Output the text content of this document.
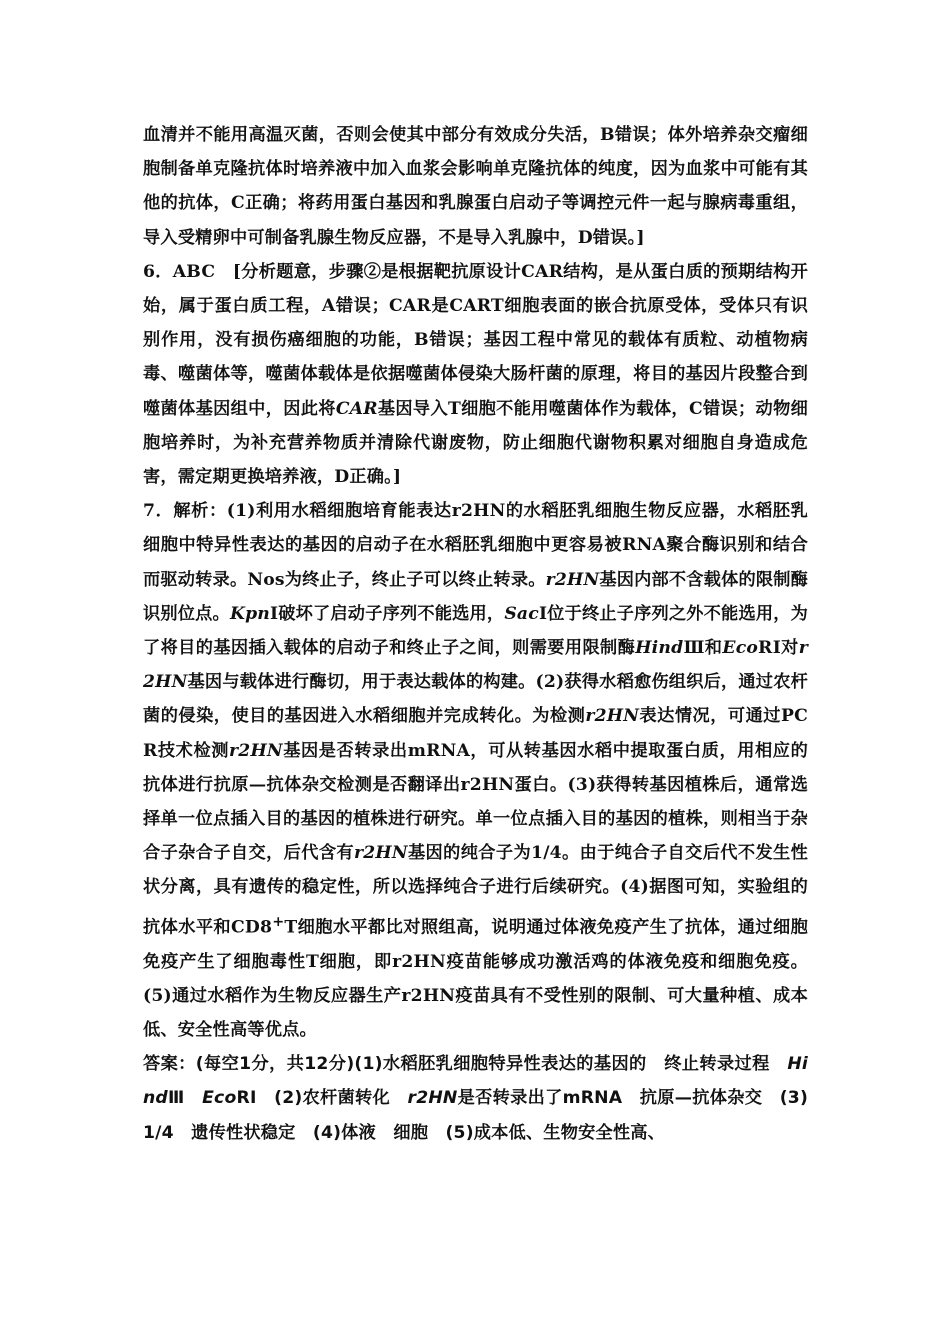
血清并不能用高温灭菌，否则会使其中部分有效成分失活，B错误；体外培养杂交瘤细胞制备单克隆抗体时培养液中加入血浆会影响单克隆抗体的纯度，因为血浆中可能有其他的抗体，C正确；将药用蛋白基因和乳腺蛋白启动子等调控元件一起与腺病毒重组，导入受精卵中可制备乳腺生物反应器，不是导入乳腺中，D错误。]

6．ABC　[分析题意，步骤②是根据靶抗原设计CAR结构，是从蛋白质的预期结构开始，属于蛋白质工程，A错误；CAR是CART细胞表面的嵌合抗原受体，受体只有识别作用，没有损伤癌细胞的功能，B错误；基因工程中常见的载体有质粒、动植物病毒、噬菌体等，噬菌体载体是依据噬菌体侵染大肠杆菌的原理，将目的基因片段整合到噬菌体基因组中，因此将CAR基因导入T细胞不能用噬菌体作为载体，C错误；动物细胞培养时，为补充营养物质并清除代谢废物，防止细胞代谢物积累对细胞自身造成危害，需定期更换培养液，D正确。]

7．解析：(1)利用水稻细胞培育能表达r2HN的水稻胚乳细胞生物反应器，水稻胚乳细胞中特异性表达的基因的启动子在水稻胚乳细胞中更容易被RNA聚合酶识别和结合而驱动转录。Nos为终止子，终止子可以终止转录。r2HN基因内部不含载体的限制酶识别位点。KpnⅠ破坏了启动子序列不能选用，SacⅠ位于终止子序列之外不能选用，为了将目的基因插入载体的启动子和终止子之间，则需要用限制酶HindⅢ和EcoRⅠ对r2HN基因与载体进行酶切，用于表达载体的构建。(2)获得水稻愈伤组织后，通过农杆菌的侵染，使目的基因进入水稻细胞并完成转化。为检测r2HN表达情况，可通过PCR技术检测r2HN基因是否转录出mRNA，可从转基因水稻中提取蛋白质，用相应的抗体进行抗原—抗体杂交检测是否翻译出r2HN蛋白。(3)获得转基因植株后，通常选择单一位点插入目的基因的植株进行研究。单一位点插入目的基因的植株，则相当于杂合子杂合子自交，后代含有r2HN基因的纯合子为1/4。由于纯合子自交后代不发生性状分离，具有遗传的稳定性，所以选择纯合子进行后续研究。(4)据图可知，实验组的抗体水平和CD8+T细胞水平都比对照组高，说明通过体液免疫产生了抗体，通过细胞免疫产生了细胞毒性T细胞，即r2HN疫苗能够成功激活鸡的体液免疫和细胞免疫。(5)通过水稻作为生物反应器生产r2HN疫苗具有不受性别的限制、可大量种植、成本低、安全性高等优点。

答案：(每空1分，共12分)(1)水稻胚乳细胞特异性表达的基因的　终止转录过程　HindⅢ　EcoRⅠ　(2)农杆菌转化　r2HN是否转录出了mRNA　抗原—抗体杂交　(3)1/4　遗传性状稳定　(4)体液　细胞　(5)成本低、生物安全性高、
